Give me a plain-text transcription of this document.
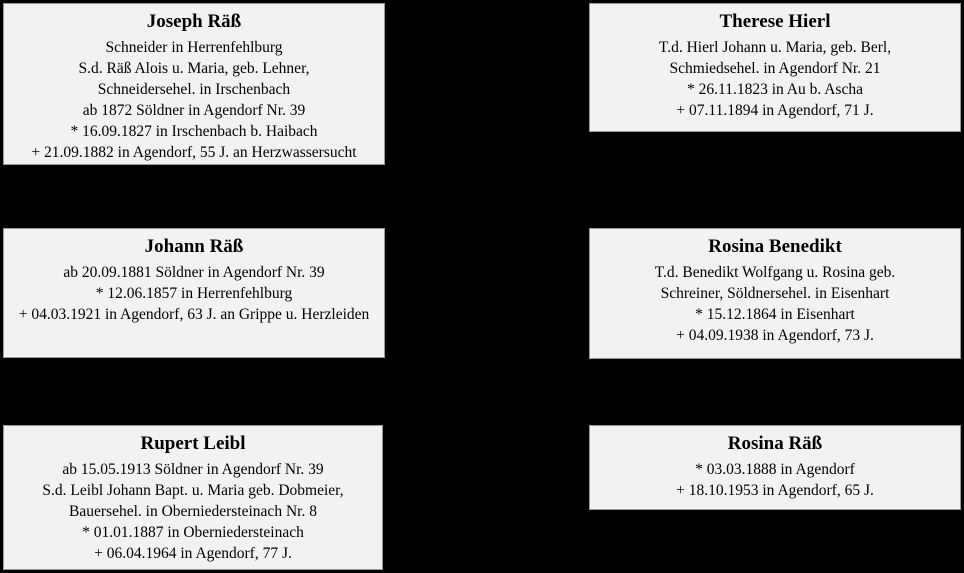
Joseph Räß
Schneider in Herrenfehlburg
S.d. Räß Alois u. Maria, geb. Lehner,
Schneidersehel. in Irschenbach
ab 1872 Söldner in Agendorf Nr. 39
* 16.09.1827 in Irschenbach b. Haibach
+ 21.09.1882 in Agendorf, 55 J. an Herzwassersucht
Therese Hierl
T.d. Hierl Johann u. Maria, geb. Berl,
Schmiedsehel. in Agendorf Nr. 21
* 26.11.1823 in Au b. Ascha
+ 07.11.1894 in Agendorf, 71 J.
Johann Räß
ab 20.09.1881 Söldner in Agendorf Nr. 39
* 12.06.1857 in Herrenfehlburg
+ 04.03.1921 in Agendorf, 63 J. an Grippe u. Herzleiden
Rosina Benedikt
T.d. Benedikt Wolfgang u. Rosina geb.
Schreiner, Söldnersehel. in Eisenhart
* 15.12.1864 in Eisenhart
+ 04.09.1938 in Agendorf, 73 J.
Rupert Leibl
ab 15.05.1913 Söldner in Agendorf Nr. 39
S.d. Leibl Johann Bapt. u. Maria geb. Dobmeier,
Bauersehel. in Oberniedersteinach Nr. 8
* 01.01.1887 in Oberniedersteinach
+ 06.04.1964 in Agendorf, 77 J.
Rosina Räß
* 03.03.1888 in Agendorf
+ 18.10.1953 in Agendorf, 65 J.
